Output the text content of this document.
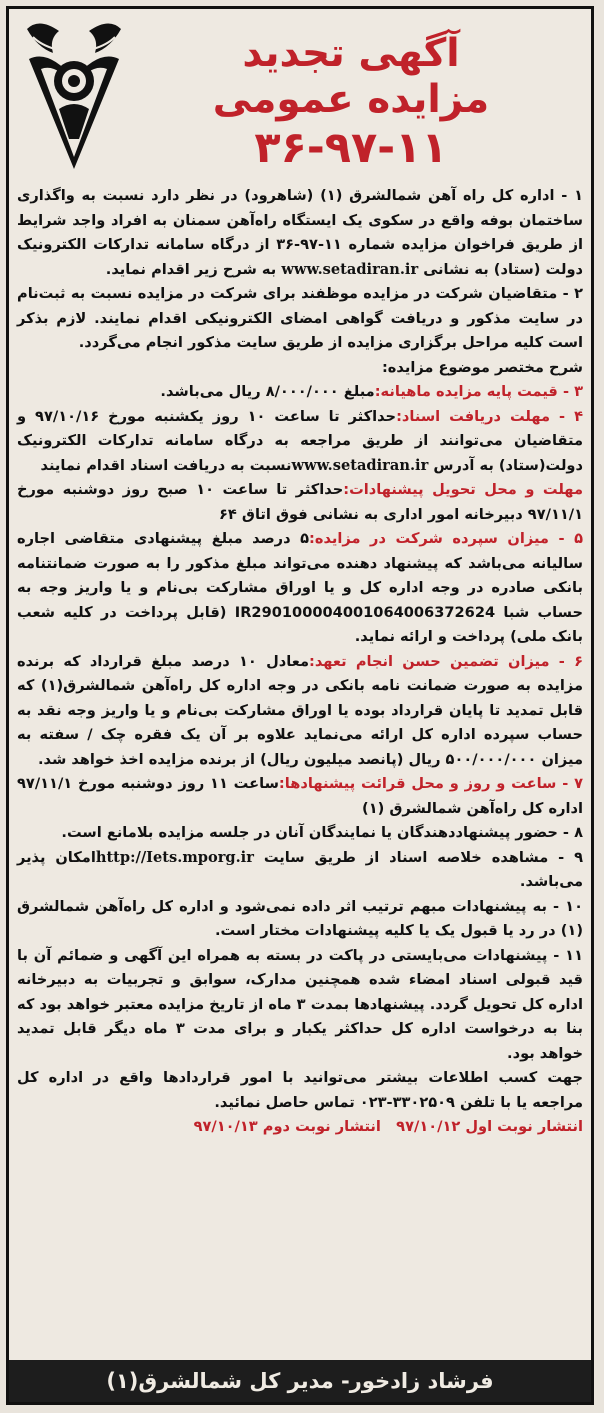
آگهی تجدید
مزایده عمومی
۳۶-۹۷-۱۱

۱ - اداره کل راه آهن شمالشرق (۱) (شاهرود) در نظر دارد نسبت به واگذاری ساختمان بوفه واقع در سکوی یک ایستگاه راه‌آهن سمنان به افراد واجد شرایط از طریق فراخوان مزایده شماره ۱۱-۹۷-۳۶ از درگاه سامانه تدارکات الکترونیک دولت (ستاد) به نشانی www.setadiran.ir به شرح زیر اقدام نماید.

۲ - متقاضیان شرکت در مزایده موظفند برای شرکت در مزایده نسبت به ثبت‌نام در سایت مذکور و دریافت گواهی امضای الکترونیکی اقدام نمایند. لازم بذکر است کلیه مراحل برگزاری مزایده از طریق سایت مذکور انجام می‌گردد.

شرح مختصر موضوع مزایده:

۳ - قیمت پایه مزایده ماهیانه:مبلغ ۸/۰۰۰/۰۰۰ ریال می‌باشد.

۴ - مهلت دریافت اسناد:حداکثر تا ساعت ۱۰ روز یکشنبه مورخ ۹۷/۱۰/۱۶ و متقاضیان می‌توانند از طریق مراجعه به درگاه سامانه تدارکات الکترونیک دولت(ستاد) به آدرس www.setadiran.irنسبت به دریافت اسناد اقدام نمایند

مهلت و محل تحویل پیشنهادات:حداکثر تا ساعت ۱۰ صبح روز دوشنبه مورخ ۹۷/۱۱/۱ دبیرخانه امور اداری به نشانی فوق اتاق ۶۴

۵ - میزان سپرده شرکت در مزایده:۵ درصد مبلغ پیشنهادی متقاضی اجاره سالیانه می‌باشد که پیشنهاد دهنده می‌تواند مبلغ مذکور را به صورت ضمانتنامه بانکی صادره در وجه اداره کل و یا اوراق مشارکت بی‌نام و یا واریز وجه به حساب شبا IR290100004001064006372624 (قابل پرداخت در کلیه شعب بانک ملی) پرداخت و ارائه نماید.

۶ - میزان تضمین حسن انجام تعهد:معادل ۱۰ درصد مبلغ قرارداد که برنده مزایده به صورت ضمانت نامه بانکی در وجه اداره کل راه‌آهن شمالشرق(۱) که قابل تمدید تا پایان قرارداد بوده یا اوراق مشارکت بی‌نام و یا واریز وجه نقد به حساب سپرده اداره کل ارائه می‌نماید علاوه بر آن یک فقره چک / سفته به میزان ۵۰۰/۰۰۰/۰۰۰ ریال (پانصد میلیون ریال) از برنده مزایده اخذ خواهد شد.

۷ - ساعت و روز و محل قرائت پیشنهادها:ساعت ۱۱ روز دوشنبه مورخ ۹۷/۱۱/۱ اداره کل راه‌آهن شمالشرق (۱)

۸ - حضور پیشنهاددهندگان یا نمایندگان آنان در جلسه مزایده بلامانع است.

۹ - مشاهده خلاصه اسناد از طریق سایت http://Iets.mporg.irامکان پذیر می‌باشد.

۱۰ - به پیشنهادات مبهم ترتیب اثر داده نمی‌شود و اداره کل راه‌آهن شمالشرق (۱) در رد یا قبول یک یا کلیه پیشنهادات مختار است.

۱۱ - پیشنهادات می‌بایستی در پاکت در بسته به همراه این آگهی و ضمائم آن با قید قبولی اسناد امضاء شده همچنین مدارک، سوابق و تجربیات به دبیرخانه اداره کل تحویل گردد. پیشنهادها بمدت ۳ ماه از تاریخ مزایده معتبر خواهد بود که بنا به درخواست اداره کل حداکثر یکبار و برای مدت ۳ ماه دیگر قابل تمدید خواهد بود.

جهت کسب اطلاعات بیشتر می‌توانید با امور قراردادها واقع در اداره کل مراجعه یا با تلفن ۳۳۰۲۵۰۹-۰۲۳ تماس حاصل نمائید.

انتشار نوبت اول ۹۷/۱۰/۱۲   انتشار نوبت دوم ۹۷/۱۰/۱۳

فرشاد زادخور- مدیر کل شمالشرق(۱)
